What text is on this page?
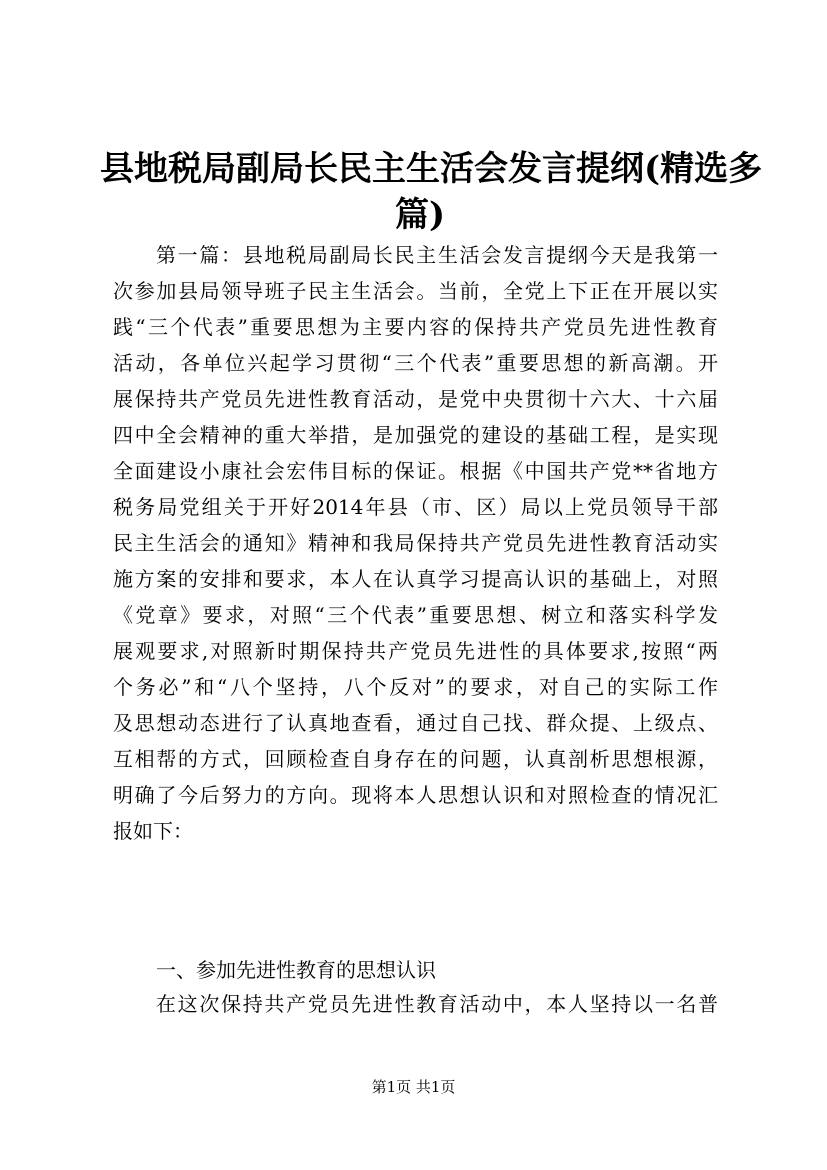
县地税局副局长民主生活会发言提纲(精选多
篇)
第一篇：县地税局副局长民主生活会发言提纲今天是我第一
次参加县局领导班子民主生活会。当前，全党上下正在开展以实
践“三个代表”重要思想为主要内容的保持共产党员先进性教育
活动，各单位兴起学习贯彻“三个代表”重要思想的新高潮。开
展保持共产党员先进性教育活动，是党中央贯彻十六大、十六届
四中全会精神的重大举措，是加强党的建设的基础工程，是实现
全面建设小康社会宏伟目标的保证。根据《中国共产党**省地方
税务局党组关于开好2014年县（市、区）局以上党员领导干部
民主生活会的通知》精神和我局保持共产党员先进性教育活动实
施方案的安排和要求，本人在认真学习提高认识的基础上，对照
《党章》要求，对照“三个代表”重要思想、树立和落实科学发
展观要求,对照新时期保持共产党员先进性的具体要求,按照“两
个务必”和“八个坚持，八个反对”的要求，对自己的实际工作
及思想动态进行了认真地查看，通过自己找、群众提、上级点、
互相帮的方式，回顾检查自身存在的问题，认真剖析思想根源，
明确了今后努力的方向。现将本人思想认识和对照检查的情况汇
报如下：
一、参加先进性教育的思想认识
在这次保持共产党员先进性教育活动中，本人坚持以一名普
第1页 共1页
